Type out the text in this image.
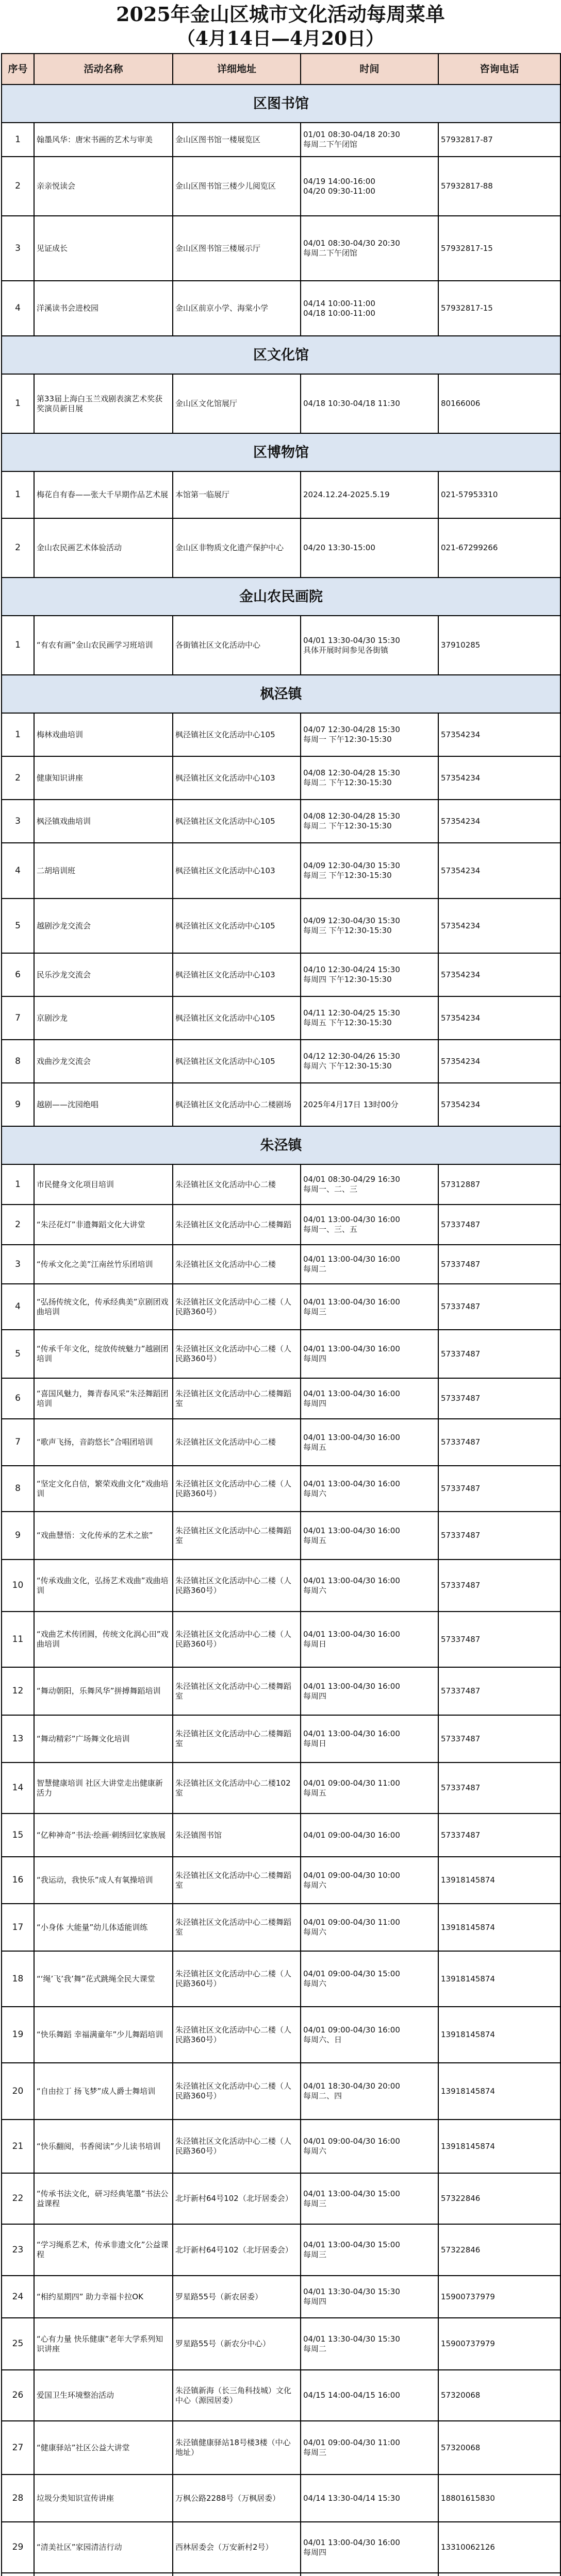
2025年金山区城市文化活动每周菜单
（4月14日—4月20日）
序号	活动名称	详细地址	时间	咨询电话
区图书馆				
1	翰墨风华：唐宋书画的艺术与审美	金山区图书馆一楼展览区	01/01 08:30-04/18 20:30
每周二下午闭馆	57932817-87
2	亲亲悦读会	金山区图书馆三楼少儿阅览区	04/19 14:00-16:00
04/20 09:30-11:00	57932817-88
3	见证成长	金山区图书馆三楼展示厅	04/01 08:30-04/30 20:30
每周二下午闭馆	57932817-15
4	洋溪读书会进校园	金山区前京小学、海棠小学	04/14 10:00-11:00
04/18 10:00-11:00	57932817-15
区文化馆				
1	第33届上海白玉兰戏剧表演艺术奖获奖演员新目展	金山区文化馆展厅	04/18 10:30-04/18 11:30	80166006
区博物馆				
1	梅花自有春——张大千早期作品艺术展	本馆第一临展厅	2024.12.24-2025.5.19	021-57953310
2	金山农民画艺术体验活动	金山区非物质文化遗产保护中心	04/20 13:30-15:00	021-67299266
金山农民画院				
1	“有农有画”金山农民画学习班培训	各街镇社区文化活动中心	04/01 13:30-04/30 15:30
具体开展时间参见各街镇	37910285
枫泾镇				
1	梅林戏曲培训	枫泾镇社区文化活动中心105	04/07 12:30-04/28 15:30
每周一 下午12:30-15:30	57354234
2	健康知识讲座	枫泾镇社区文化活动中心103	04/08 12:30-04/28 15:30
每周二 下午12:30-15:30	57354234
3	枫泾镇戏曲培训	枫泾镇社区文化活动中心105	04/08 12:30-04/28 15:30
每周二 下午12:30-15:30	57354234
4	二胡培训班	枫泾镇社区文化活动中心103	04/09 12:30-04/30 15:30
每周三 下午12:30-15:30	57354234
5	越剧沙龙交流会	枫泾镇社区文化活动中心105	04/09 12:30-04/30 15:30
每周三 下午12:30-15:30	57354234
6	民乐沙龙交流会	枫泾镇社区文化活动中心103	04/10 12:30-04/24 15:30
每周四 下午12:30-15:30	57354234
7	京剧沙龙	枫泾镇社区文化活动中心105	04/11 12:30-04/25 15:30
每周五 下午12:30-15:30	57354234
8	戏曲沙龙交流会	枫泾镇社区文化活动中心105	04/12 12:30-04/26 15:30
每周六 下午12:30-15:30	57354234
9	越剧——沈园绝唱	枫泾镇社区文化活动中心二楼剧场	2025年4月17日 13时00分	57354234
朱泾镇				
1	市民健身文化项目培训	朱泾镇社区文化活动中心二楼	04/01 08:30-04/29 16:30
每周一、二、三	57312887
2	“朱泾花灯”非遗舞蹈文化大讲堂	朱泾镇社区文化活动中心二楼舞蹈	04/01 13:00-04/30 16:00
每周一、三、五	57337487
3	“传承文化之美”江南丝竹乐团培训	朱泾镇社区文化活动中心二楼	04/01 13:00-04/30 16:00
每周二	57337487
4	“弘扬传统文化，传承经典美”京剧团戏曲培训	朱泾镇社区文化活动中心二楼（人民路360号）	04/01 13:00-04/30 16:00
每周三	57337487
5	“传承千年文化，绽放传统魅力”越剧团培训	朱泾镇社区文化活动中心二楼（人民路360号）	04/01 13:00-04/30 16:00
每周四	57337487
6	“喜国风魅力，舞青春风采”朱泾舞蹈团培训	朱泾镇社区文化活动中心二楼舞蹈室	04/01 13:00-04/30 16:00
每周四	57337487
7	“歌声飞扬，音韵悠长”合唱团培训	朱泾镇社区文化活动中心二楼	04/01 13:00-04/30 16:00
每周五	57337487
8	“坚定文化自信，繁荣戏曲文化”戏曲培训	朱泾镇社区文化活动中心二楼（人民路360号）	04/01 13:00-04/30 16:00
每周六	57337487
9	“戏曲慧悟：文化传承的艺术之旅”	朱泾镇社区文化活动中心二楼舞蹈室	04/01 13:00-04/30 16:00
每周五	57337487
10	“传承戏曲文化，弘扬艺术戏曲”戏曲培训	朱泾镇社区文化活动中心二楼（人民路360号）	04/01 13:00-04/30 16:00
每周六	57337487
11	“戏曲艺术传团圆，传统文化润心田”戏曲培训	朱泾镇社区文化活动中心二楼（人民路360号）	04/01 13:00-04/30 16:00
每周日	57337487
12	“舞动朝阳，乐舞风华”拼搏舞蹈培训	朱泾镇社区文化活动中心二楼舞蹈室	04/01 13:00-04/30 16:00
每周四	57337487
13	“舞动精彩”广场舞文化培训	朱泾镇社区文化活动中心二楼舞蹈室	04/01 13:00-04/30 16:00
每周日	57337487
14	智慧健康培训 社区大讲堂走出健康新活力	朱泾镇社区文化活动中心二楼102室	04/01 09:00-04/30 11:00
每周五	57337487
15	“亿种神奇”书法·绘画·刺绣回忆家族展	朱泾镇图书馆	04/01 09:00-04/30 16:00	57337487
16	“我运动，我快乐”成人有氧操培训	朱泾镇社区文化活动中心二楼舞蹈室	04/01 09:00-04/30 10:00
每周六	13918145874
17	“小身体 大能量”幼儿体适能训练	朱泾镇社区文化活动中心二楼舞蹈室	04/01 09:00-04/30 11:00
每周六	13918145874
18	“‘绳’飞’我’舞”花式跳绳全民大课堂	朱泾镇社区文化活动中心二楼（人民路360号）	04/01 09:00-04/30 15:00
每周六	13918145874
19	“快乐舞蹈 幸福满童年”少儿舞蹈培训	朱泾镇社区文化活动中心二楼（人民路360号）	04/01 09:00-04/30 16:00
每周六、日	13918145874
20	“自由拉丁 扬飞梦”成人爵士舞培训	朱泾镇社区文化活动中心二楼（人民路360号）	04/01 18:30-04/30 20:00
每周二、四	13918145874
21	“快乐翻阅，书香阅读”少儿读书培训	朱泾镇社区文化活动中心二楼（人民路360号）	04/01 09:00-04/30 16:00
每周六	13918145874
22	“传承书法文化，研习经典笔墨”书法公益课程	北圩新村64号102（北圩居委会）	04/01 13:00-04/30 15:00
每周三	57322846
23	“学习绳系艺术，传承非遗文化”公益课程	北圩新村64号102（北圩居委会）	04/01 13:00-04/30 15:00
每周三	57322846
24	“相约星期四” 助力幸福卡拉OK	罗星路55号（新农居委）	04/01 13:30-04/30 15:30
每周四	15900737979
25	“心有力量 快乐健康”老年大学系列知识讲座	罗星路55号（新农分中心）	04/01 13:30-04/30 15:30
每周二	15900737979
26	爱国卫生环境整治活动	朱泾镇新海（长三角科技城）文化中心（源园居委）	04/15 14:00-04/15 16:00	57320068
27	“健康驿站”社区公益大讲堂	朱泾镇健康驿站18号楼3楼（中心地址）	04/01 09:00-04/30 11:00
每周三	57320068
28	垃圾分类知识宣传讲座	万枫公路2288号（万枫居委）	04/14 13:30-04/14 15:30	18801615830
29	“清美社区”家园清洁行动	西林居委会（万安新村2号）	04/01 13:00-04/30 16:00
每周四	13310062126
